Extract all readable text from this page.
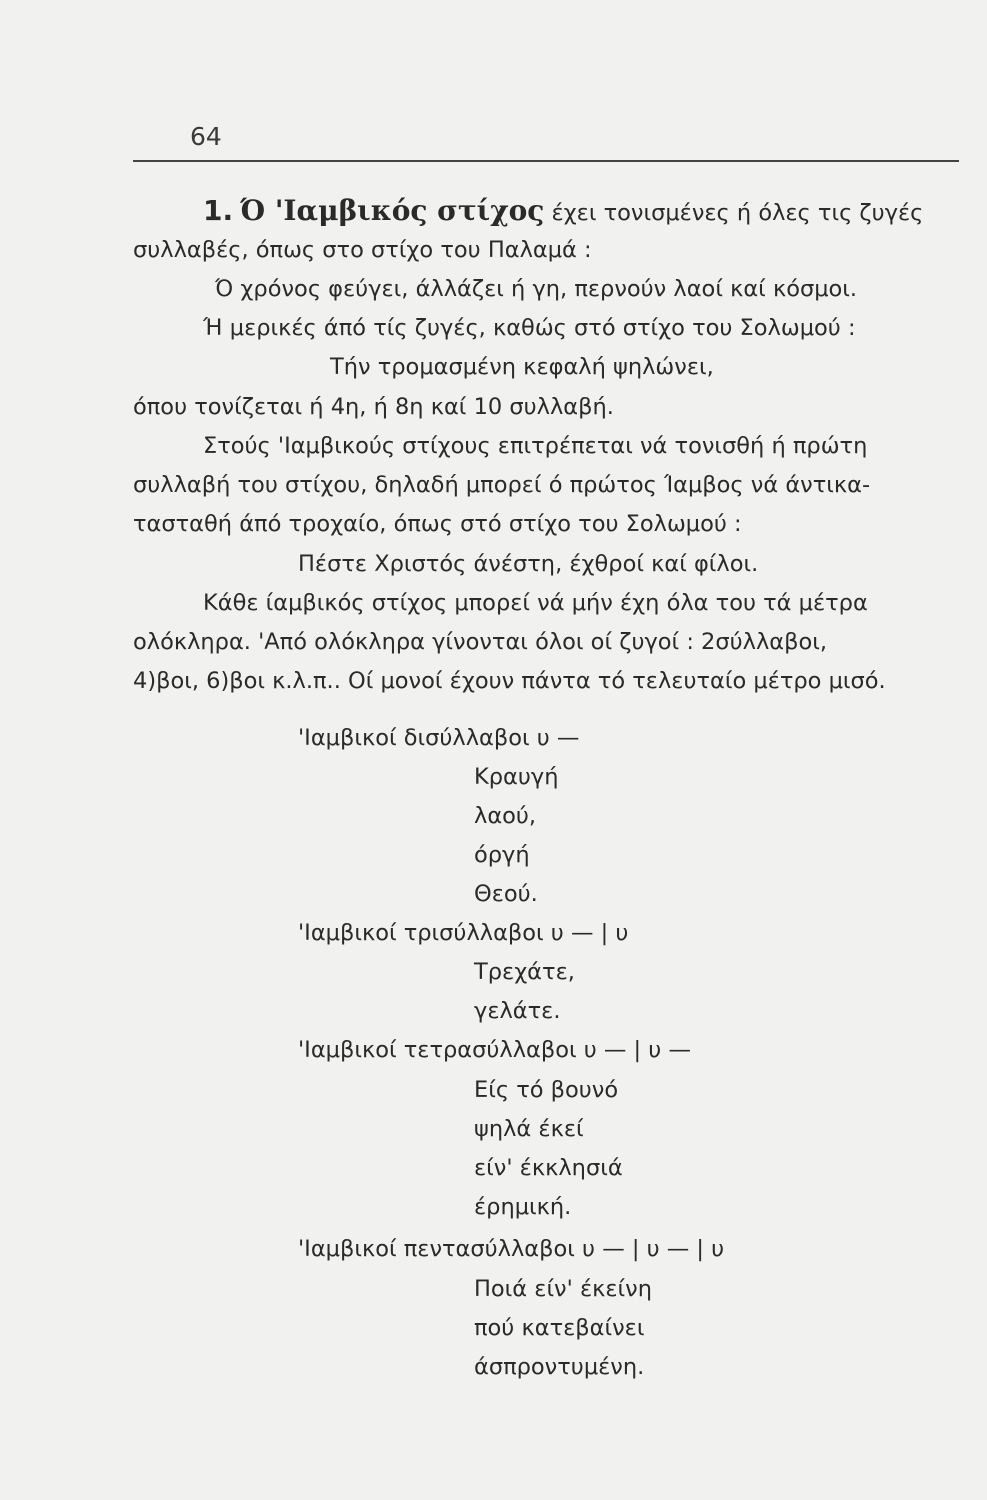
64
1. Ό 'Ιαμβικός στίχος έχει τονισμένες ή όλες τις ζυγές
συλλαβές, όπως στο στίχο του Παλαμά :
Ό χρόνος φεύγει, άλλάζει ή γη, περνούν λαοί καί κόσμοι.
Ή μερικές άπό τίς ζυγές, καθώς στό στίχο του Σολωμού :
Τήν τρομασμένη κεφαλή ψηλώνει,
όπου τονίζεται ή 4η, ή 8η καί 10 συλλαβή.
Στούς 'Ιαμβικούς στίχους επιτρέπεται νά τονισθή ή πρώτη
συλλαβή του στίχου, δηλαδή μπορεί ό πρώτος Ίαμβος νά άντικα-
τασταθή άπό τροχαίο, όπως στό στίχο του Σολωμού :
Πέστε Χριστός άνέστη, έχθροί καί φίλοι.
Κάθε ίαμβικός στίχος μπορεί νά μήν έχη όλα του τά μέτρα
ολόκληρα. 'Από ολόκληρα γίνονται όλοι οί ζυγοί : 2σύλλαβοι,
4)βοι, 6)βοι κ.λ.π.. Οί μονοί έχουν πάντα τό τελευταίο μέτρο μισό.
'Ιαμβικοί δισύλλαβοι υ —
Κραυγή
λαού,
όργή
Θεού.
'Ιαμβικοί τρισύλλαβοι υ — | υ
Τρεχάτε,
γελάτε.
'Ιαμβικοί τετρασύλλαβοι υ — | υ —
Είς τό βουνό
ψηλά έκεί
είν' έκκλησιά
έρημική.
'Ιαμβικοί πεντασύλλαβοι υ — | υ — | υ
Ποιά είν' έκείνη
πού κατεβαίνει
άσπροντυμένη.
